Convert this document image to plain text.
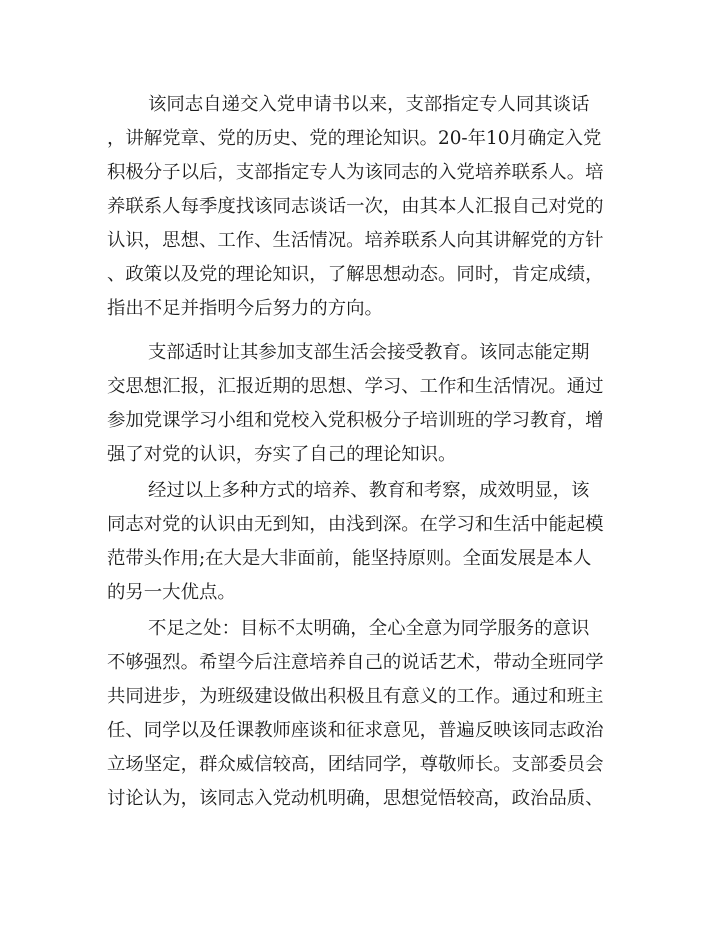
该同志自递交入党申请书以来，支部指定专人同其谈话
，讲解党章、党的历史、党的理论知识。20-年10月确定入党
积极分子以后，支部指定专人为该同志的入党培养联系人。培
养联系人每季度找该同志谈话一次，由其本人汇报自己对党的
认识，思想、工作、生活情况。培养联系人向其讲解党的方针
、政策以及党的理论知识，了解思想动态。同时，肯定成绩，
指出不足并指明今后努力的方向。
支部适时让其参加支部生活会接受教育。该同志能定期
交思想汇报，汇报近期的思想、学习、工作和生活情况。通过
参加党课学习小组和党校入党积极分子培训班的学习教育，增
强了对党的认识，夯实了自己的理论知识。
经过以上多种方式的培养、教育和考察，成效明显，该
同志对党的认识由无到知，由浅到深。在学习和生活中能起模
范带头作用;在大是大非面前，能坚持原则。全面发展是本人
的另一大优点。
不足之处：目标不太明确，全心全意为同学服务的意识
不够强烈。希望今后注意培养自己的说话艺术，带动全班同学
共同进步，为班级建设做出积极且有意义的工作。通过和班主
任、同学以及任课教师座谈和征求意见，普遍反映该同志政治
立场坚定，群众威信较高，团结同学，尊敬师长。支部委员会
讨论认为，该同志入党动机明确，思想觉悟较高，政治品质、
